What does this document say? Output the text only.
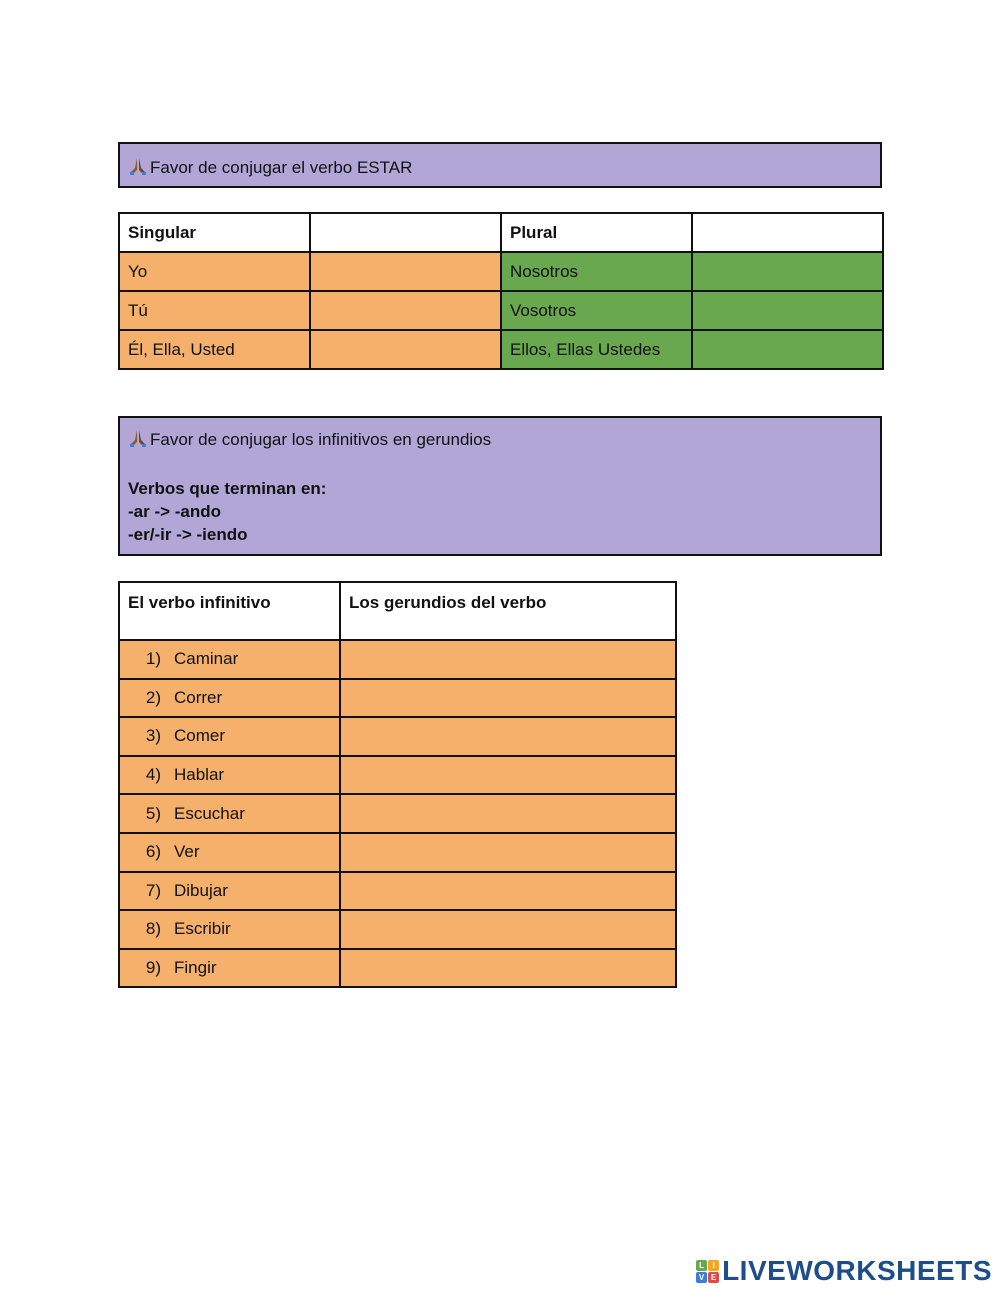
Favor de conjugar el verbo ESTAR
Singular		Plural	
Yo		Nosotros	
Tú		Vosotros	
Él, Ella, Usted		Ellos, Ellas Ustedes	
Favor de conjugar los infinitivos en gerundios
Verbos que terminan en:
-ar -> -ando
-er/-ir -> -iendo
El verbo infinitivo	Los gerundios del verbo
1) Caminar	
2) Correr	
3) Comer	
4) Hablar	
5) Escuchar	
6) Ver	
7) Dibujar	
8) Escribir	
9) Fingir	
L	I
V E LIVEWORKSHEETS
